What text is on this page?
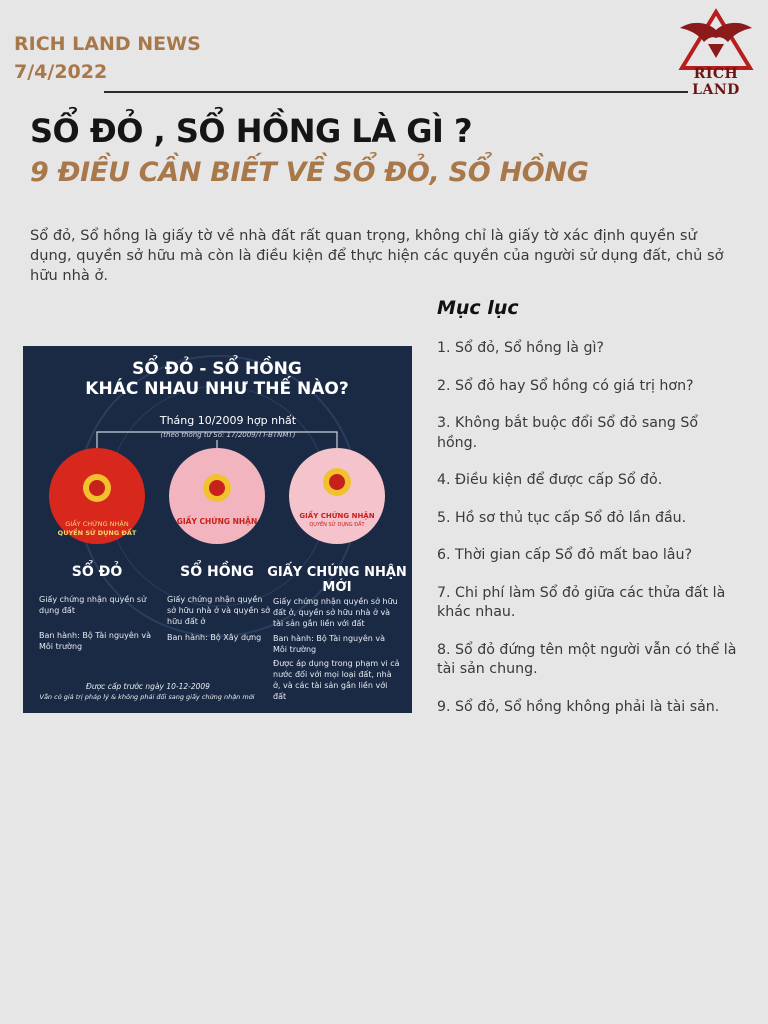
RICH LAND NEWS
7/4/2022	RICH LAND
SỔ ĐỎ , SỔ HỒNG LÀ GÌ ?
9 ĐIỀU CẦN BIẾT VỀ SỔ ĐỎ, SỔ HỒNG

Sổ đỏ, Sổ hồng là giấy tờ về nhà đất rất quan trọng, không chỉ là giấy tờ xác định quyền sử dụng, quyền sở hữu mà còn là điều kiện để thực hiện các quyền của người sử dụng đất, chủ sở hữu nhà ở.

SỔ ĐỎ - SỔ HỒNG
KHÁC NHAU NHƯ THẾ NÀO?
Tháng 10/2009 hợp nhất
(theo thông tư Số: 17/2009/TT-BTNMT)
GIẤY CHỨNG NHẬN
QUYỀN SỬ DỤNG ĐẤT
GIẤY CHỨNG NHẬN
GIẤY CHỨNG NHẬN
QUYỀN SỬ DỤNG ĐẤT
SỔ ĐỎ	SỔ HỒNG GIẤY CHỨNG NHẬN
MỚI
Giấy chứng nhận quyền sử dụng đất
Ban hành: Bộ Tài nguyên và Môi trường
Giấy chứng nhận quyền sở hữu nhà ở và quyền sở hữu đất ở
Ban hành: Bộ Xây dựng
Giấy chứng nhận quyền sở hữu đất ở, quyền sở hữu nhà ở và tài sản gắn liền với đất
Ban hành: Bộ Tài nguyên và Môi trường
Được áp dụng trong phạm vi cả nước đối với mọi loại đất, nhà ở, và các tài sản gắn liền với đất
Được cấp trước ngày 10-12-2009
Vẫn có giá trị pháp lý & không phải đổi sang giấy chứng nhận mới
Mục lục
1. Sổ đỏ, Sổ hồng là gì?
2. Sổ đỏ hay Sổ hồng có giá trị hơn?
3. Không bắt buộc đổi Sổ đỏ sang Sổ hồng.
4. Điều kiện để được cấp Sổ đỏ.
5. Hồ sơ thủ tục cấp Sổ đỏ lần đầu.
6. Thời gian cấp Sổ đỏ mất bao lâu?
7. Chi phí làm Sổ đỏ giữa các thửa đất là khác nhau.
8. Sổ đỏ đứng tên một người vẫn có thể là tài sản chung.
9. Sổ đỏ, Sổ hồng không phải là tài sản.
